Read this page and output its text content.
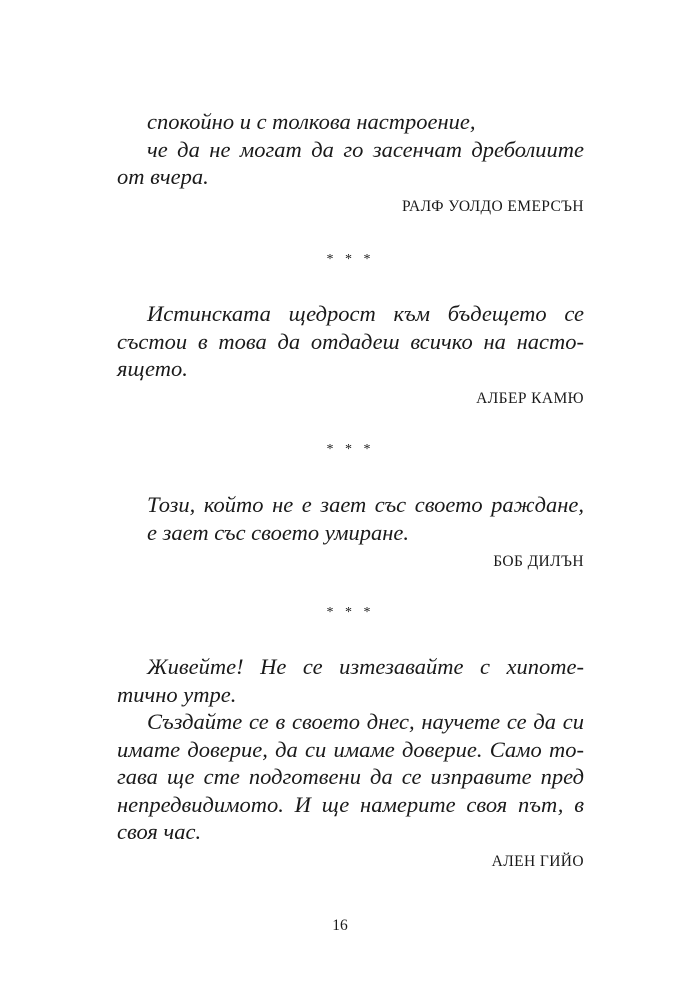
спокойно и с толкова настроение,
че да не могат да го засенчат дреболиите
от вчера.

РАЛФ УОЛДО ЕМЕРСЪН

* * *

Истинската щедрост към бъдещето се
състои в това да отдадеш всичко на насто-
ящето.

АЛБЕР КАМЮ

* * *

Този, който не е зает със своето раждане,
е зает със своето умиране.

БОБ ДИЛЪН

* * *

Живейте! Не се изтезавайте с хипоте-
тично утре.
Създайте се в своето днес, научете се да си
имате доверие, да си имаме доверие. Само то-
гава ще сте подготвени да се изправите пред
непредвидимото. И ще намерите своя път, в
своя час.

АЛЕН ГИЙО

16
